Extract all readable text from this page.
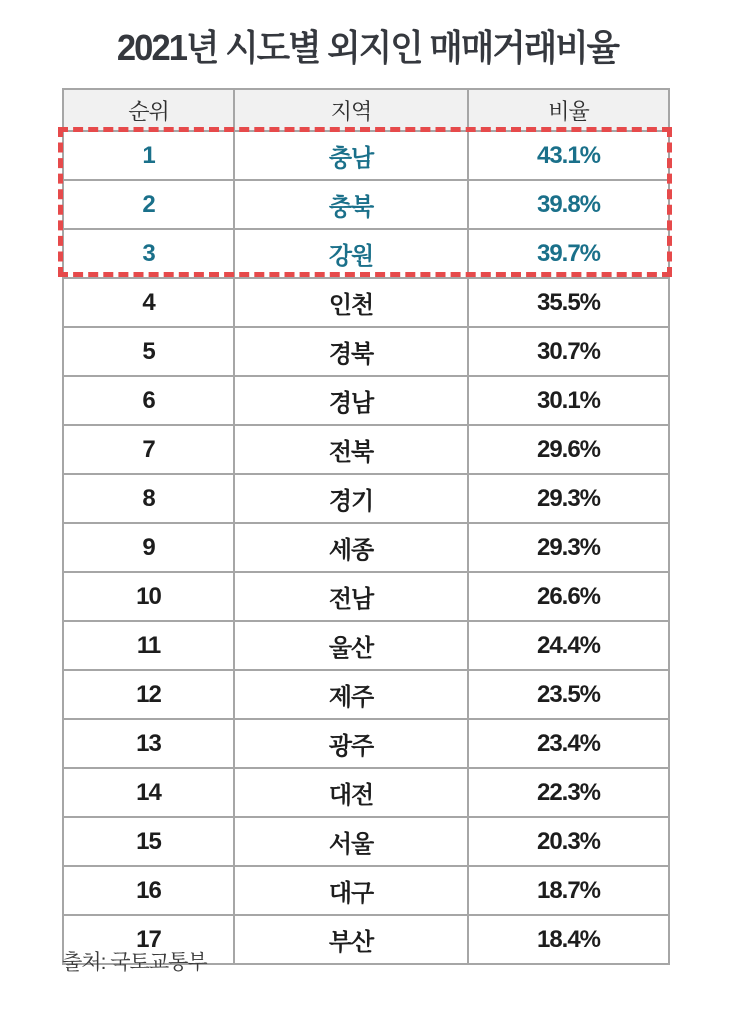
2021년 시도별 외지인 매매거래비율
순위	지역	비율
1	충남	43.1%
2	충북	39.8%
3	강원	39.7%
4	인천	35.5%
5	경북	30.7%
6	경남	30.1%
7	전북	29.6%
8	경기	29.3%
9	세종	29.3%
10	전남	26.6%
11	울산	24.4%
12	제주	23.5%
13	광주	23.4%
14	대전	22.3%
15	서울	20.3%
16	대구	18.7%
17	부산	18.4%
출처: 국토교통부
